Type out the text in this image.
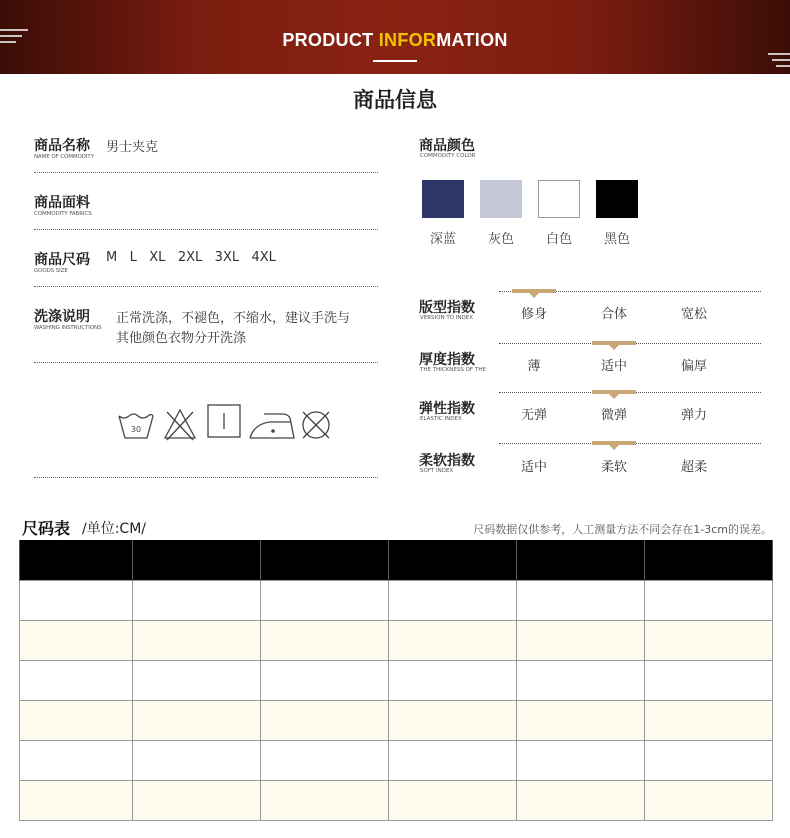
PRODUCT INFORMATION
商品信息
商品名称
NAME OF COMMODITY
男士夹克
商品面料
COMMODITY FABRICS
商品尺码
GOODS SIZE
M L XL 2XL 3XL 4XL
洗涤说明
WASHING INSTRUCTIONS
正常洗涤，不褪色，不缩水，建议手洗与
其他颜色衣物分开洗涤
30
商品颜色
COMMODITY COLOR
深蓝	灰色	白色	黑色
版型指数
VERSION TO INDEX	修身	合体	宽松
厚度指数
THE THICKNESS OF THE	薄	适中	偏厚
弹性指数
ELASTIC INDEX	无弹	微弹	弹力
柔软指数
SOFT INDEX	适中	柔软	超柔
尺码表 /单位:CM/	尺码数据仅供参考，人工测量方法不同会存在1-3cm的误差。
